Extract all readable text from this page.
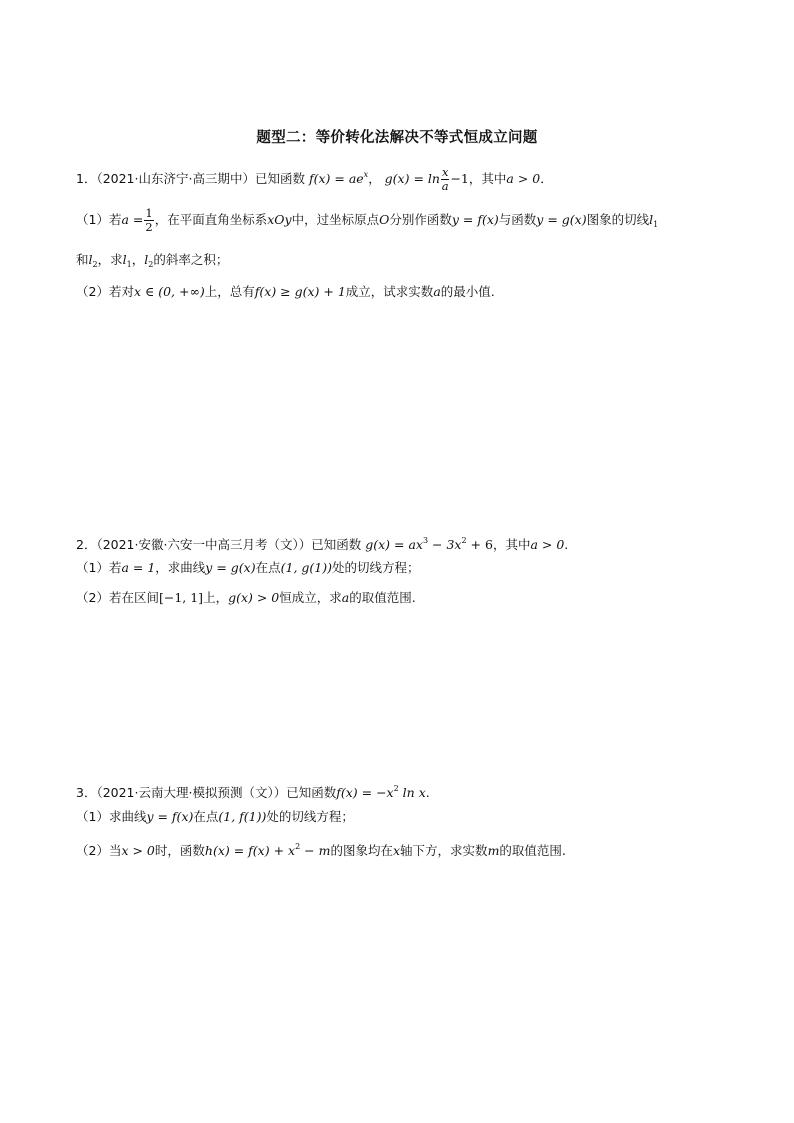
题型二：等价转化法解决不等式恒成立问题
1．（2021·山东济宁·高三期中）已知函数 $f(x) = ae^x$， $g(x) = \ln \frac{x}{a} -1$，其中a > 0．
（1）若$a = \frac{1}{2}$ ，在平面直角坐标系xOy中，过坐标原点O分别作函数y = f(x)与函数y = g(x)图象的切线$l_1$
和$l_2$，求$l_1$，$l_2$的斜率之积；
（2）若对x ∈ (0, +∞)上，总有f(x) ≥ g(x) + 1成立，试求实数a的最小值.
2．（2021·安徽·六安一中高三月考（文））已知函数 $g(x) = ax^3 - 3x^2 + 6$，其中a > 0.
（1）若a = 1，求曲线y = g(x)在点(1, g(1))处的切线方程；
（2）若在区间[−1, 1]上，g(x) > 0恒成立，求a的取值范围.
3．（2021·云南大理·模拟预测（文））已知函数$f(x) = -x^2$ ln x.
（1）求曲线y = f(x)在点(1, f(1))处的切线方程；
（2）当x > 0时，函数$h(x) = f(x) + x^2 - m$的图象均在x轴下方，求实数m的取值范围.
